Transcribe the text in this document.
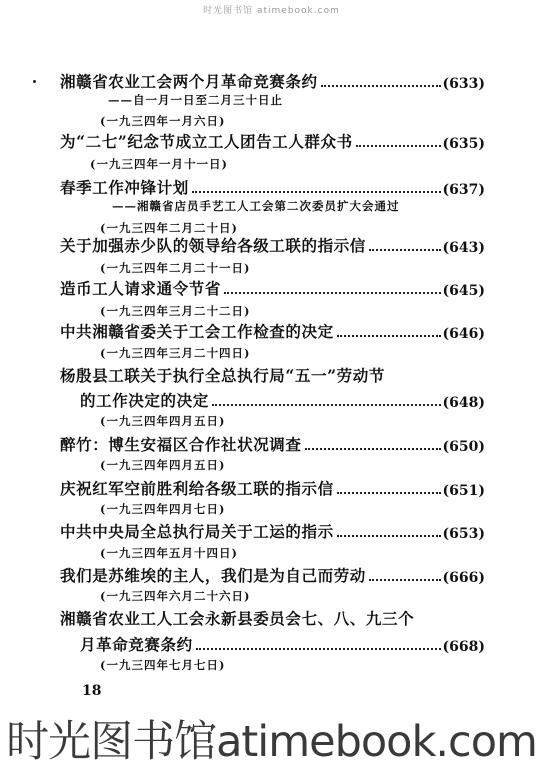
时光图书馆 atimebook.com
湘赣省农业工会两个月革命竞赛条约	(633)
——自一月一日至二月三十日止
(一九三四年一月六日)
为“二七”纪念节成立工人团告工人群众书	(635)
(一九三四年一月十一日)
春季工作冲锋计划	(637)
——湘赣省店员手艺工人工会第二次委员扩大会通过
(一九三四年二月二十日)
关于加强赤少队的领导给各级工联的指示信	(643)
(一九三四年二月二十一日)
造币工人请求通令节省	(645)
(一九三四年三月二十二日)
中共湘赣省委关于工会工作检查的决定	(646)
(一九三四年三月二十四日)
杨殷县工联关于执行全总执行局“五一”劳动节
的工作决定的决定	(648)
(一九三四年四月五日)
醉竹：博生安福区合作社状况调查	(650)
(一九三四年四月五日)
庆祝红军空前胜利给各级工联的指示信	(651)
(一九三四年四月七日)
中共中央局全总执行局关于工运的指示	(653)
(一九三四年五月十四日)
我们是苏维埃的主人，我们是为自己而劳动	(666)
(一九三四年六月二十六日)
湘赣省农业工人工会永新县委员会七、八、九三个
月革命竞赛条约	(668)
(一九三四年七月七日)
18
时光图书馆atimebook.com
